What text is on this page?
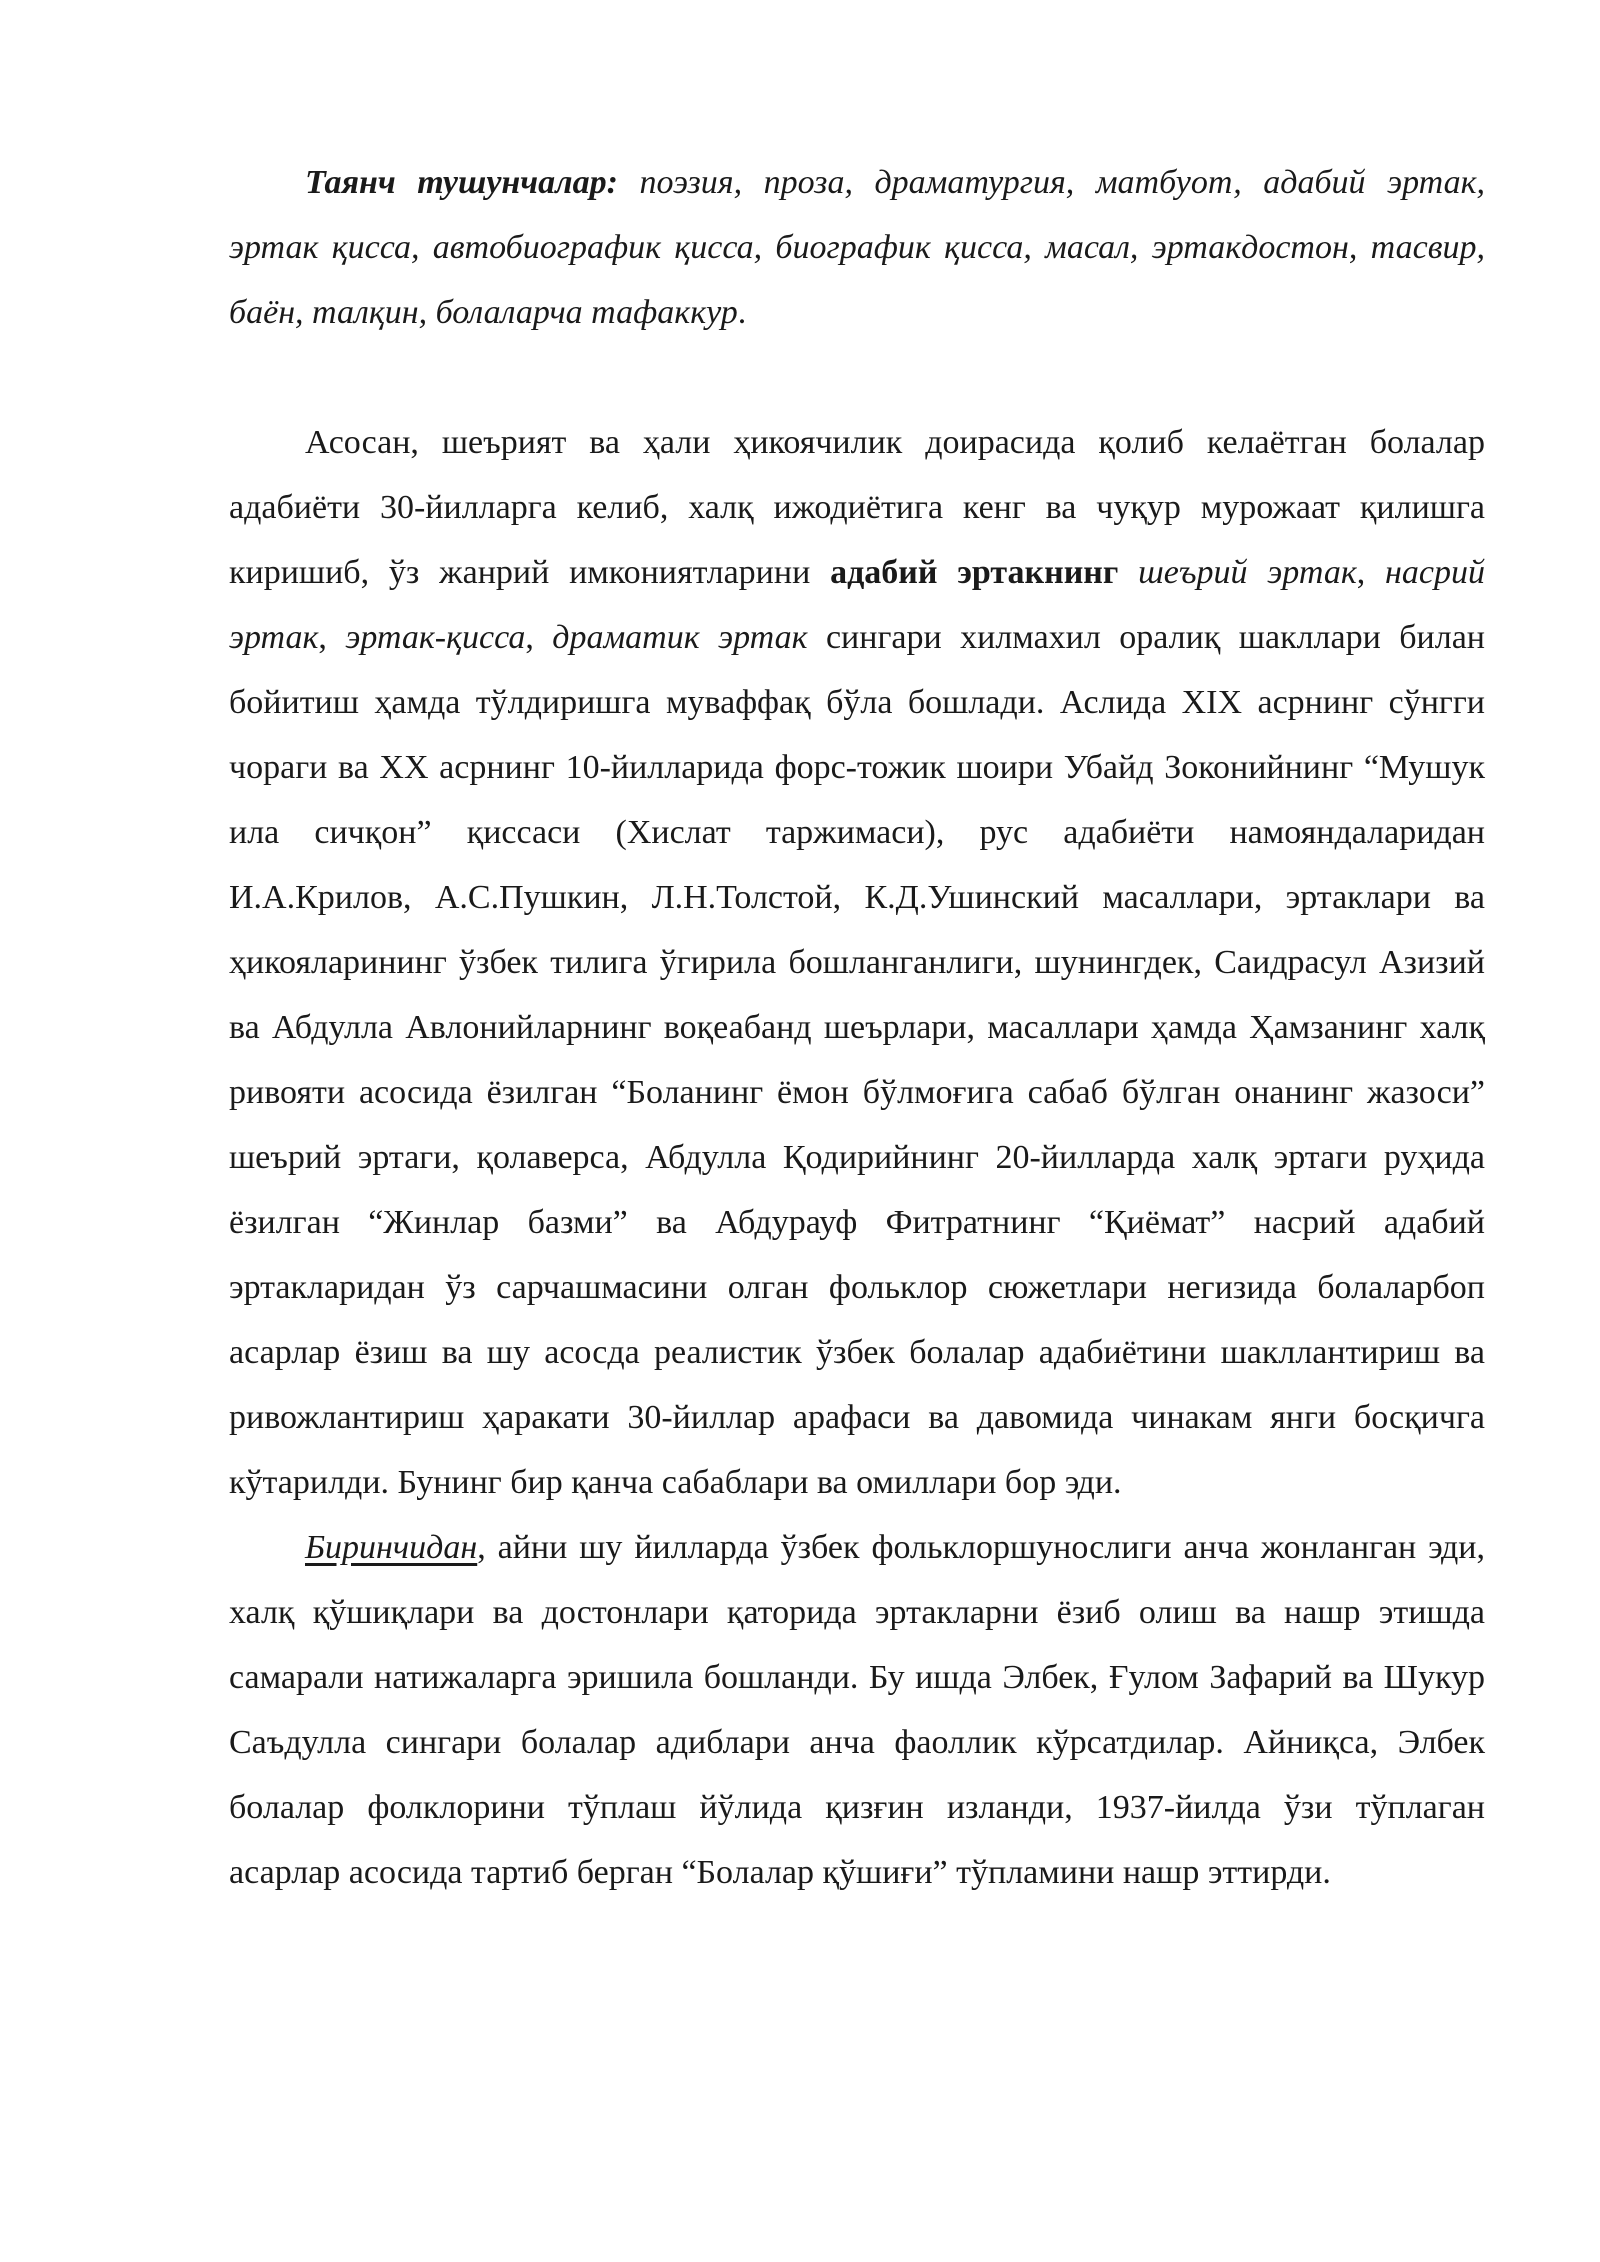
Таянч тушунчалар: поэзия, проза, драматургия, матбуот, адабий эртак, эртак қисса, автобиографик қисса, биографик қисса, масал, эртакдостон, тасвир, баён, талқин, болаларча тафаккур.

Асосан, шеърият ва ҳали ҳикоячилик доирасида қолиб келаётган болалар адабиёти 30-йилларга келиб, халқ ижодиётига кенг ва чуқур мурожаат қилишга киришиб, ўз жанрий имкониятларини адабий эртакнинг шеърий эртак, насрий эртак, эртак-қисса, драматик эртак сингари хилмахил оралиқ шакллари билан бойитиш ҳамда тўлдиришга муваффақ бўла бошлади. Аслида ХIХ асрнинг сўнгги чораги ва ХХ асрнинг 10-йилларида форс-тожик шоири Убайд Зоконийнинг “Мушук ила сичқон” қиссаси (Хислат таржимаси), рус адабиёти намояндаларидан И.А.Крилов, А.С.Пушкин, Л.Н.Толстой, К.Д.Ушинский масаллари, эртаклари ва ҳикояларининг ўзбек тилига ўгирила бошланганлиги, шунингдек, Саидрасул Азизий ва Абдулла Авлонийларнинг воқеабанд шеърлари, масаллари ҳамда Ҳамзанинг халқ ривояти асосида ёзилган “Боланинг ёмон бўлмоғига сабаб бўлган онанинг жазоси” шеърий эртаги, қолаверса, Абдулла Қодирийнинг 20-йилларда халқ эртаги руҳида ёзилган “Жинлар базми” ва Абдурауф Фитратнинг “Қиёмат” насрий адабий эртакларидан ўз сарчашмасини олган фольклор сюжетлари негизида болаларбоп асарлар ёзиш ва шу асосда реалистик ўзбек болалар адабиётини шакллантириш ва ривожлантириш ҳаракати 30-йиллар арафаси ва давомида чинакам янги босқичга кўтарилди. Бунинг бир қанча сабаблари ва омиллари бор эди.

Биринчидан, айни шу йилларда ўзбек фольклоршунослиги анча жонланган эди, халқ қўшиқлари ва достонлари қаторида эртакларни ёзиб олиш ва нашр этишда самарали натижаларга эришила бошланди. Бу ишда Элбек, Ғулом Зафарий ва Шукур Саъдулла сингари болалар адиблари анча фаоллик кўрсатдилар. Айниқса, Элбек болалар фолклорини тўплаш йўлида қизғин изланди, 1937-йилда ўзи тўплаган асарлар асосида тартиб берган “Болалар қўшиғи” тўпламини нашр эттирди.
